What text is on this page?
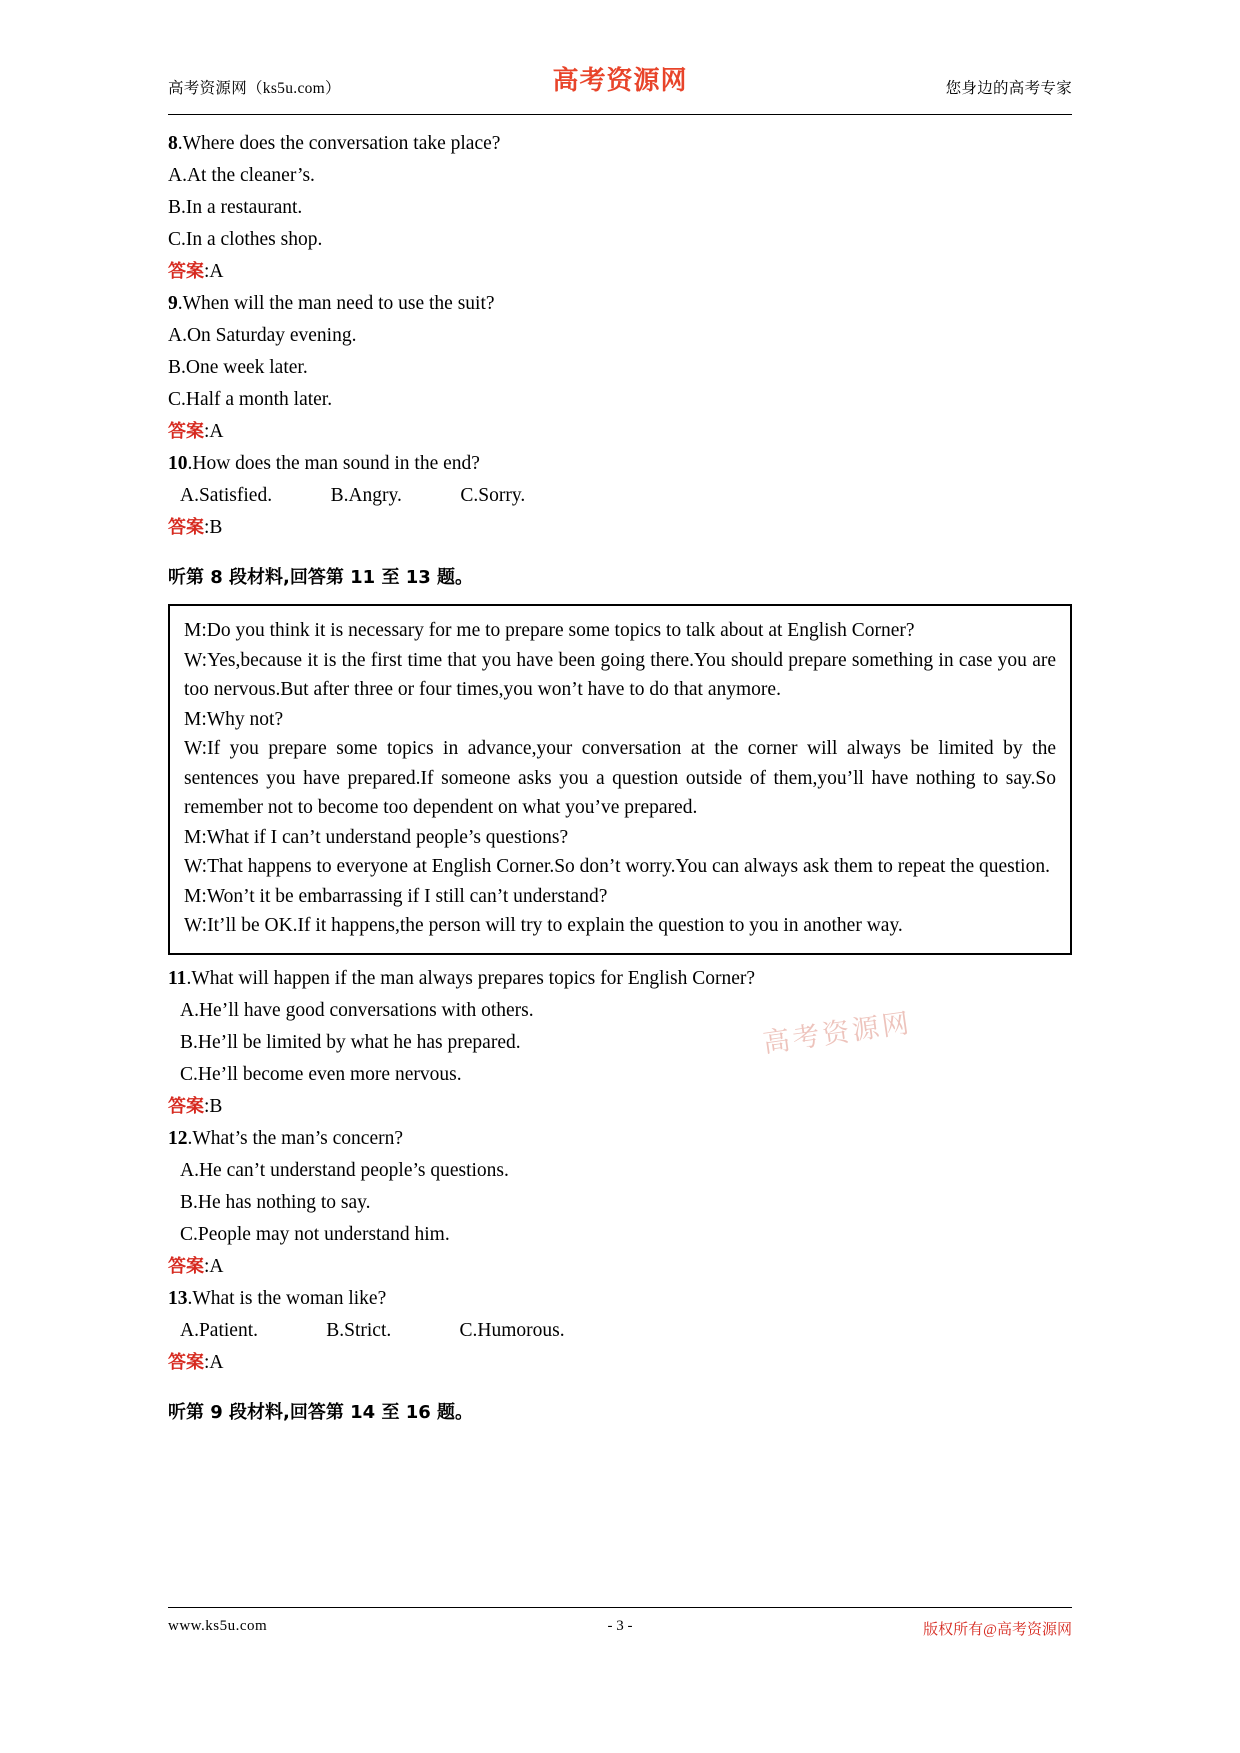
高考资源网（ks5u.com）	高考资源网	您身边的高考专家
8.Where does the conversation take place?
A.At the cleaner’s.
B.In a restaurant.
C.In a clothes shop.
答案:A
9.When will the man need to use the suit?
A.On Saturday evening.
B.One week later.
C.Half a month later.
答案:A
10.How does the man sound in the end?
A.Satisfied.            B.Angry.            C.Sorry.
答案:B
听第 8 段材料,回答第 11 至 13 题。
M:Do you think it is necessary for me to prepare some topics to talk about at English Corner?
W:Yes,because it is the first time that you have been going there.You should prepare something in case you are too nervous.But after three or four times,you won’t have to do that anymore.
M:Why not?
W:If you prepare some topics in advance,your conversation at the corner will always be limited by the sentences you have prepared.If someone asks you a question outside of them,you’ll have nothing to say.So remember not to become too dependent on what you’ve prepared.
M:What if I can’t understand people’s questions?
W:That happens to everyone at English Corner.So don’t worry.You can always ask them to repeat the question.
M:Won’t it be embarrassing if I still can’t understand?
W:It’ll be OK.If it happens,the person will try to explain the question to you in another way.
11.What will happen if the man always prepares topics for English Corner?
A.He’ll have good conversations with others.
B.He’ll be limited by what he has prepared.
C.He’ll become even more nervous.
答案:B
12.What’s the man’s concern?
A.He can’t understand people’s questions.
B.He has nothing to say.
C.People may not understand him.
答案:A
13.What is the woman like?
A.Patient.              B.Strict.              C.Humorous.
答案:A
听第 9 段材料,回答第 14 至 16 题。
高考资源网
www.ks5u.com	- 3 -	版权所有@高考资源网
